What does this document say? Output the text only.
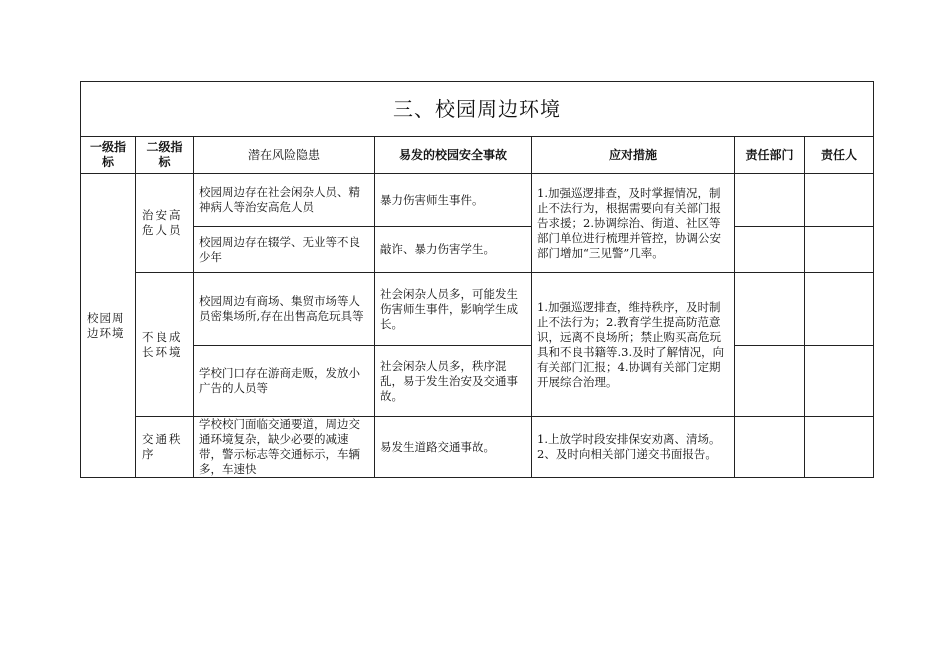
三、校园周边环境						
一级指标	二级指标	潜在风险隐患	易发的校园安全事故	应对措施	责任部门	责任人
校园周边环境	治安高危人员	校园周边存在社会闲杂人员、精神病人等治安高危人员	暴力伤害师生事件。	1.加强巡逻排查，及时掌握情况，制止不法行为，根据需要向有关部门报告求援；2.协调综治、街道、社区等部门单位进行梳理并管控，协调公安部门增加“三见警”几率。		
		校园周边存在辍学、无业等不良少年	敲诈、暴力伤害学生。			
	不良成长环境	校园周边有商场、集贸市场等人员密集场所,存在出售高危玩具等	社会闲杂人员多，可能发生伤害师生事件，影响学生成长。	1.加强巡逻排查，维持秩序，及时制止不法行为；2.教育学生提高防范意识，远离不良场所；禁止购买高危玩具和不良书籍等.3.及时了解情况，向有关部门汇报；4.协调有关部门定期开展综合治理。		
		学校门口存在游商走贩，发放小广告的人员等	社会闲杂人员多，秩序混乱，易于发生治安及交通事故。			
	交通秩序	学校校门面临交通要道，周边交通环境复杂，缺少必要的减速带，警示标志等交通标示，车辆多，车速快	易发生道路交通事故。	1.上放学时段安排保安劝离、清场。2、及时向相关部门递交书面报告。		
